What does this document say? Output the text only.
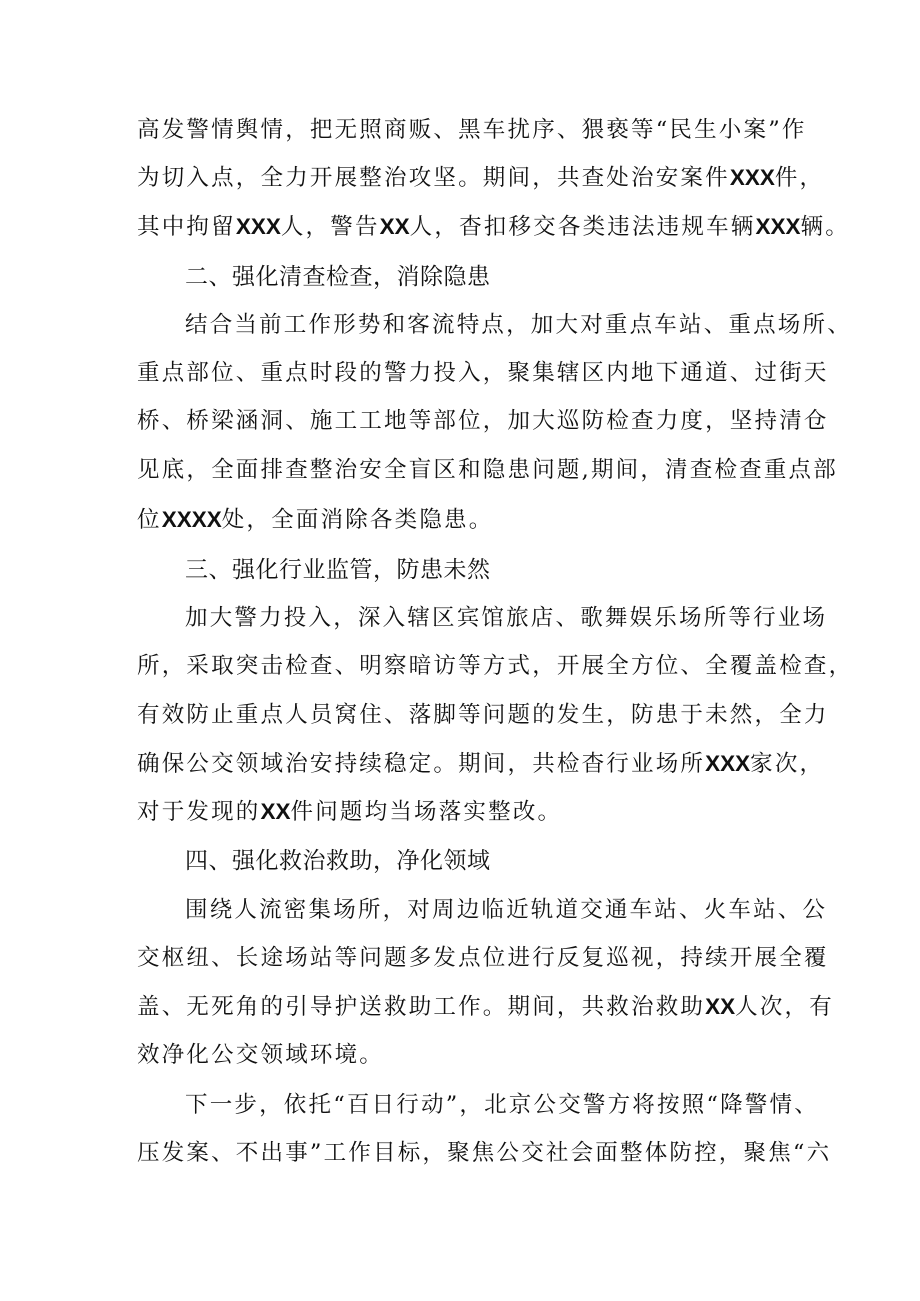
高发警情舆情，把无照商贩、黑车扰序、猥亵等“民生小案”作
为切入点，全力开展整治攻坚。期间，共查处治安案件XXX件，
其中拘留XXX人，警告XX人，杳扣移交各类违法违规车辆XXX辆。
二、强化清查检查，消除隐患
结合当前工作形势和客流特点，加大对重点车站、重点场所、
重点部位、重点时段的警力投入，聚集辖区内地下通道、过街天
桥、桥梁涵洞、施工工地等部位，加大巡防检查力度，坚持清仓
见底，全面排查整治安全盲区和隐患问题,期间，清查检查重点部
位XXXX处，全面消除各类隐患。
三、强化行业监管，防患未然
加大警力投入，深入辖区宾馆旅店、歌舞娱乐场所等行业场
所，采取突击检查、明察暗访等方式，开展全方位、全覆盖检查，
有效防止重点人员窝住、落脚等问题的发生，防患于未然，全力
确保公交领域治安持续稳定。期间，共检杳行业场所XXX家次，
对于发现的XX件问题均当场落实整改。
四、强化救治救助，净化领域
围绕人流密集场所，对周边临近轨道交通车站、火车站、公
交枢纽、长途场站等问题多发点位进行反复巡视，持续开展全覆
盖、无死角的引导护送救助工作。期间，共救治救助XX人次，有
效净化公交领域环境。
下一步，依托“百日行动”，北京公交警方将按照“降警情、
压发案、不出事”工作目标，聚焦公交社会面整体防控，聚焦“六
